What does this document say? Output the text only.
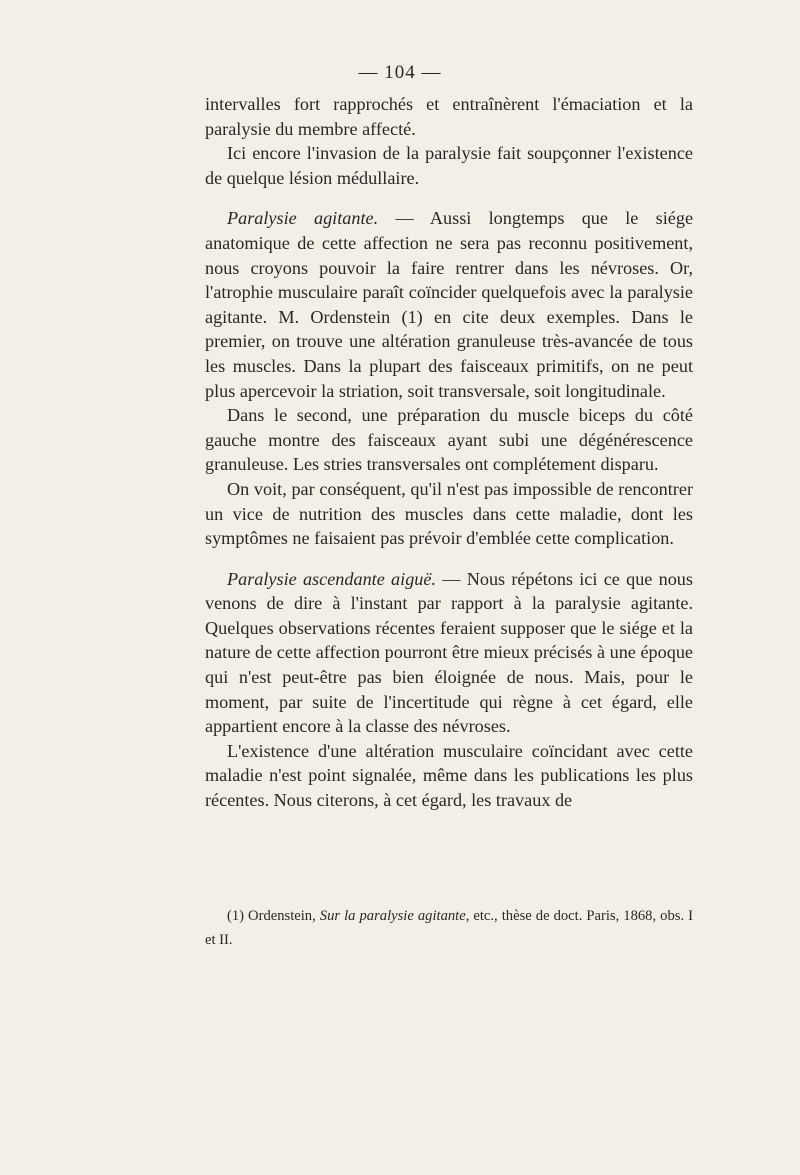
— 104 —

intervalles fort rapprochés et entraînèrent l'émaciation et la paralysie du membre affecté.

Ici encore l'invasion de la paralysie fait soupçonner l'existence de quelque lésion médullaire.

Paralysie agitante. — Aussi longtemps que le siége anatomique de cette affection ne sera pas reconnu positivement, nous croyons pouvoir la faire rentrer dans les névroses. Or, l'atrophie musculaire paraît coïncider quelquefois avec la paralysie agitante. M. Ordenstein (1) en cite deux exemples. Dans le premier, on trouve une altération granuleuse très-avancée de tous les muscles. Dans la plupart des faisceaux primitifs, on ne peut plus apercevoir la striation, soit transversale, soit longitudinale.

Dans le second, une préparation du muscle biceps du côté gauche montre des faisceaux ayant subi une dégénérescence granuleuse. Les stries transversales ont complétement disparu.

On voit, par conséquent, qu'il n'est pas impossible de rencontrer un vice de nutrition des muscles dans cette maladie, dont les symptômes ne faisaient pas prévoir d'emblée cette complication.

Paralysie ascendante aiguë. — Nous répétons ici ce que nous venons de dire à l'instant par rapport à la paralysie agitante. Quelques observations récentes feraient supposer que le siége et la nature de cette affection pourront être mieux précisés à une époque qui n'est peut-être pas bien éloignée de nous. Mais, pour le moment, par suite de l'incertitude qui règne à cet égard, elle appartient encore à la classe des névroses.

L'existence d'une altération musculaire coïncidant avec cette maladie n'est point signalée, même dans les publications les plus récentes. Nous citerons, à cet égard, les travaux de

(1) Ordenstein, Sur la paralysie agitante, etc., thèse de doct. Paris, 1868, obs. I et II.
